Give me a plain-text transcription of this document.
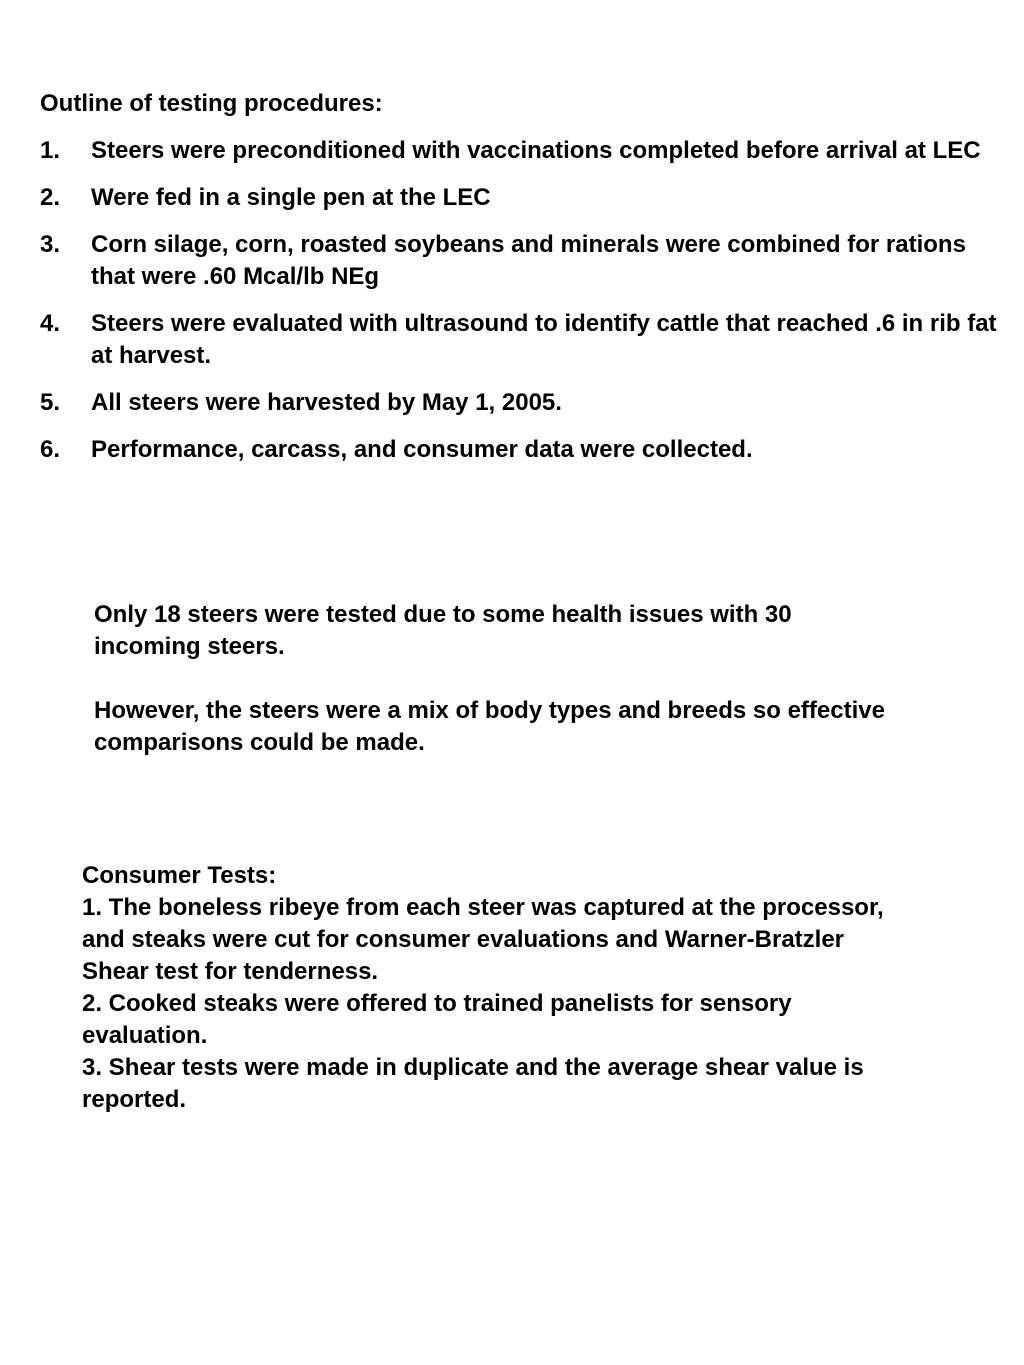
Outline of testing procedures:
1. Steers were preconditioned with vaccinations completed before arrival at LEC
2. Were fed in a single pen at the LEC
3. Corn silage, corn, roasted soybeans and minerals were combined for rations that were .60 Mcal/lb NEg
4. Steers were evaluated with ultrasound to identify cattle that reached .6 in rib fat at harvest.
5. All steers were harvested by May 1, 2005.
6. Performance, carcass, and consumer data were collected.

Only 18 steers were tested due to some health issues with 30 incoming steers.

However, the steers were a mix of body types and breeds so effective comparisons could be made.

Consumer Tests:

1. The boneless ribeye from each steer was captured at the processor, and steaks were cut for consumer evaluations and Warner-Bratzler Shear test for tenderness.

2. Cooked steaks were offered to trained panelists for sensory evaluation.

3. Shear tests were made in duplicate and the average shear value is reported.
